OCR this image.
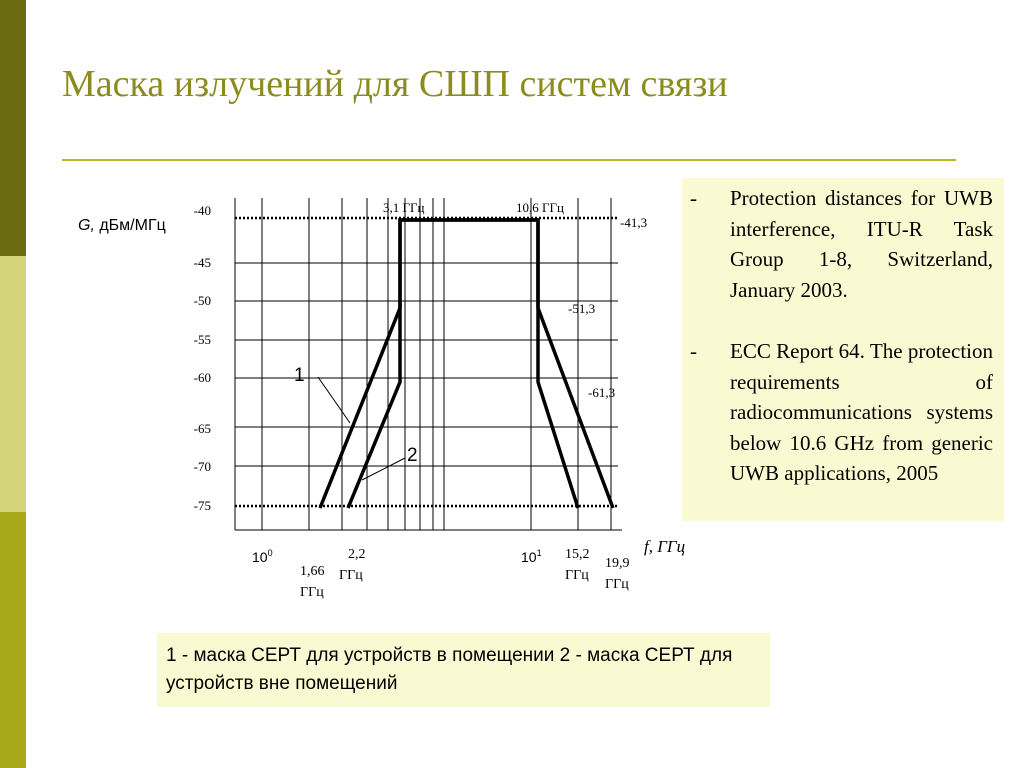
Маска излучений для СШП систем связи
1
2
G, дБм/МГц
-40
-45
-50
-55
-60
-65
-70
-75
3,1 ГГц	10,6 ГГц
-41,3
-51,3
-61,3
$10^0$	$10^1$	f, ГГц
1,66
ГГц
2,2
ГГц
15,2
ГГц
19,9
ГГц
-	Protection distances for UWB interference, ITU-R Task Group 1-8, Switzerland, January 2003.
-	ECC Report 64. The protection requirements of radiocommunications systems below 10.6 GHz from generic UWB applications, 2005
1 - маска СЕРТ для устройств в помещении 2 - маска СЕРТ для устройств вне помещений
